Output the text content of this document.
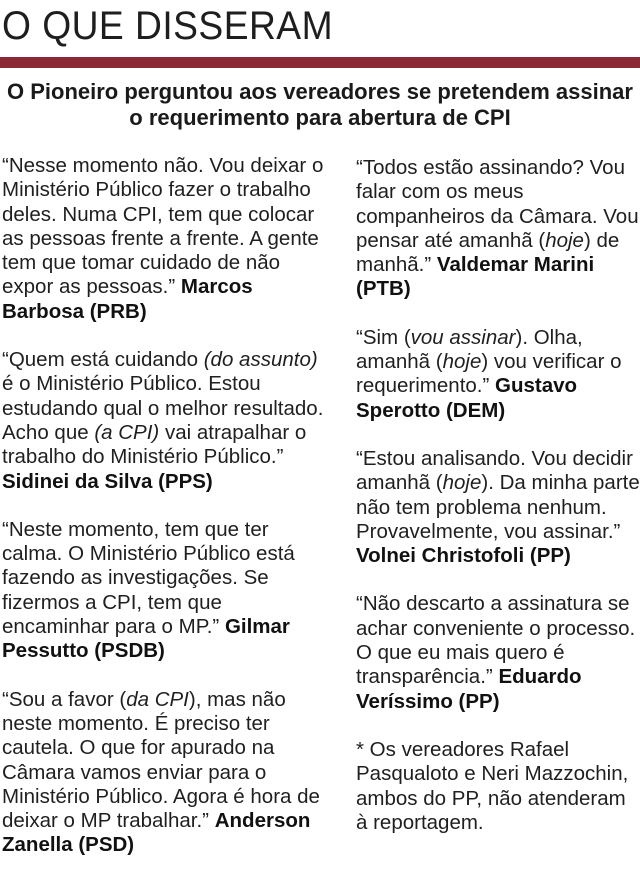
O QUE DISSERAM

O Pioneiro perguntou aos vereadores se pretendem assinar o requerimento para abertura de CPI

“Nesse momento não. Vou deixar o Ministério Público fazer o trabalho deles. Numa CPI, tem que colocar as pessoas frente a frente. A gente tem que tomar cuidado de não expor as pessoas.” Marcos Barbosa (PRB)

“Quem está cuidando (do assunto) é o Ministério Público. Estou estudando qual o melhor resultado. Acho que (a CPI) vai atrapalhar o trabalho do Ministério Público.” Sidinei da Silva (PPS)

“Neste momento, tem que ter calma. O Ministério Público está fazendo as investigações. Se fizermos a CPI, tem que encaminhar para o MP.” Gilmar Pessutto (PSDB)

“Sou a favor (da CPI), mas não neste momento. É preciso ter cautela. O que for apurado na Câmara vamos enviar para o Ministério Público. Agora é hora de deixar o MP trabalhar.” Anderson Zanella (PSD)

“Todos estão assinando? Vou falar com os meus companheiros da Câmara. Vou pensar até amanhã (hoje) de manhã.” Valdemar Marini (PTB)

“Sim (vou assinar). Olha, amanhã (hoje) vou verificar o requerimento.” Gustavo Sperotto (DEM)

“Estou analisando. Vou decidir amanhã (hoje). Da minha parte não tem problema nenhum. Provavelmente, vou assinar.” Volnei Christofoli (PP)

“Não descarto a assinatura se achar conveniente o processo. O que eu mais quero é transparência.” Eduardo Veríssimo (PP)

* Os vereadores Rafael Pasqualoto e Neri Mazzochin, ambos do PP, não atenderam à reportagem.
